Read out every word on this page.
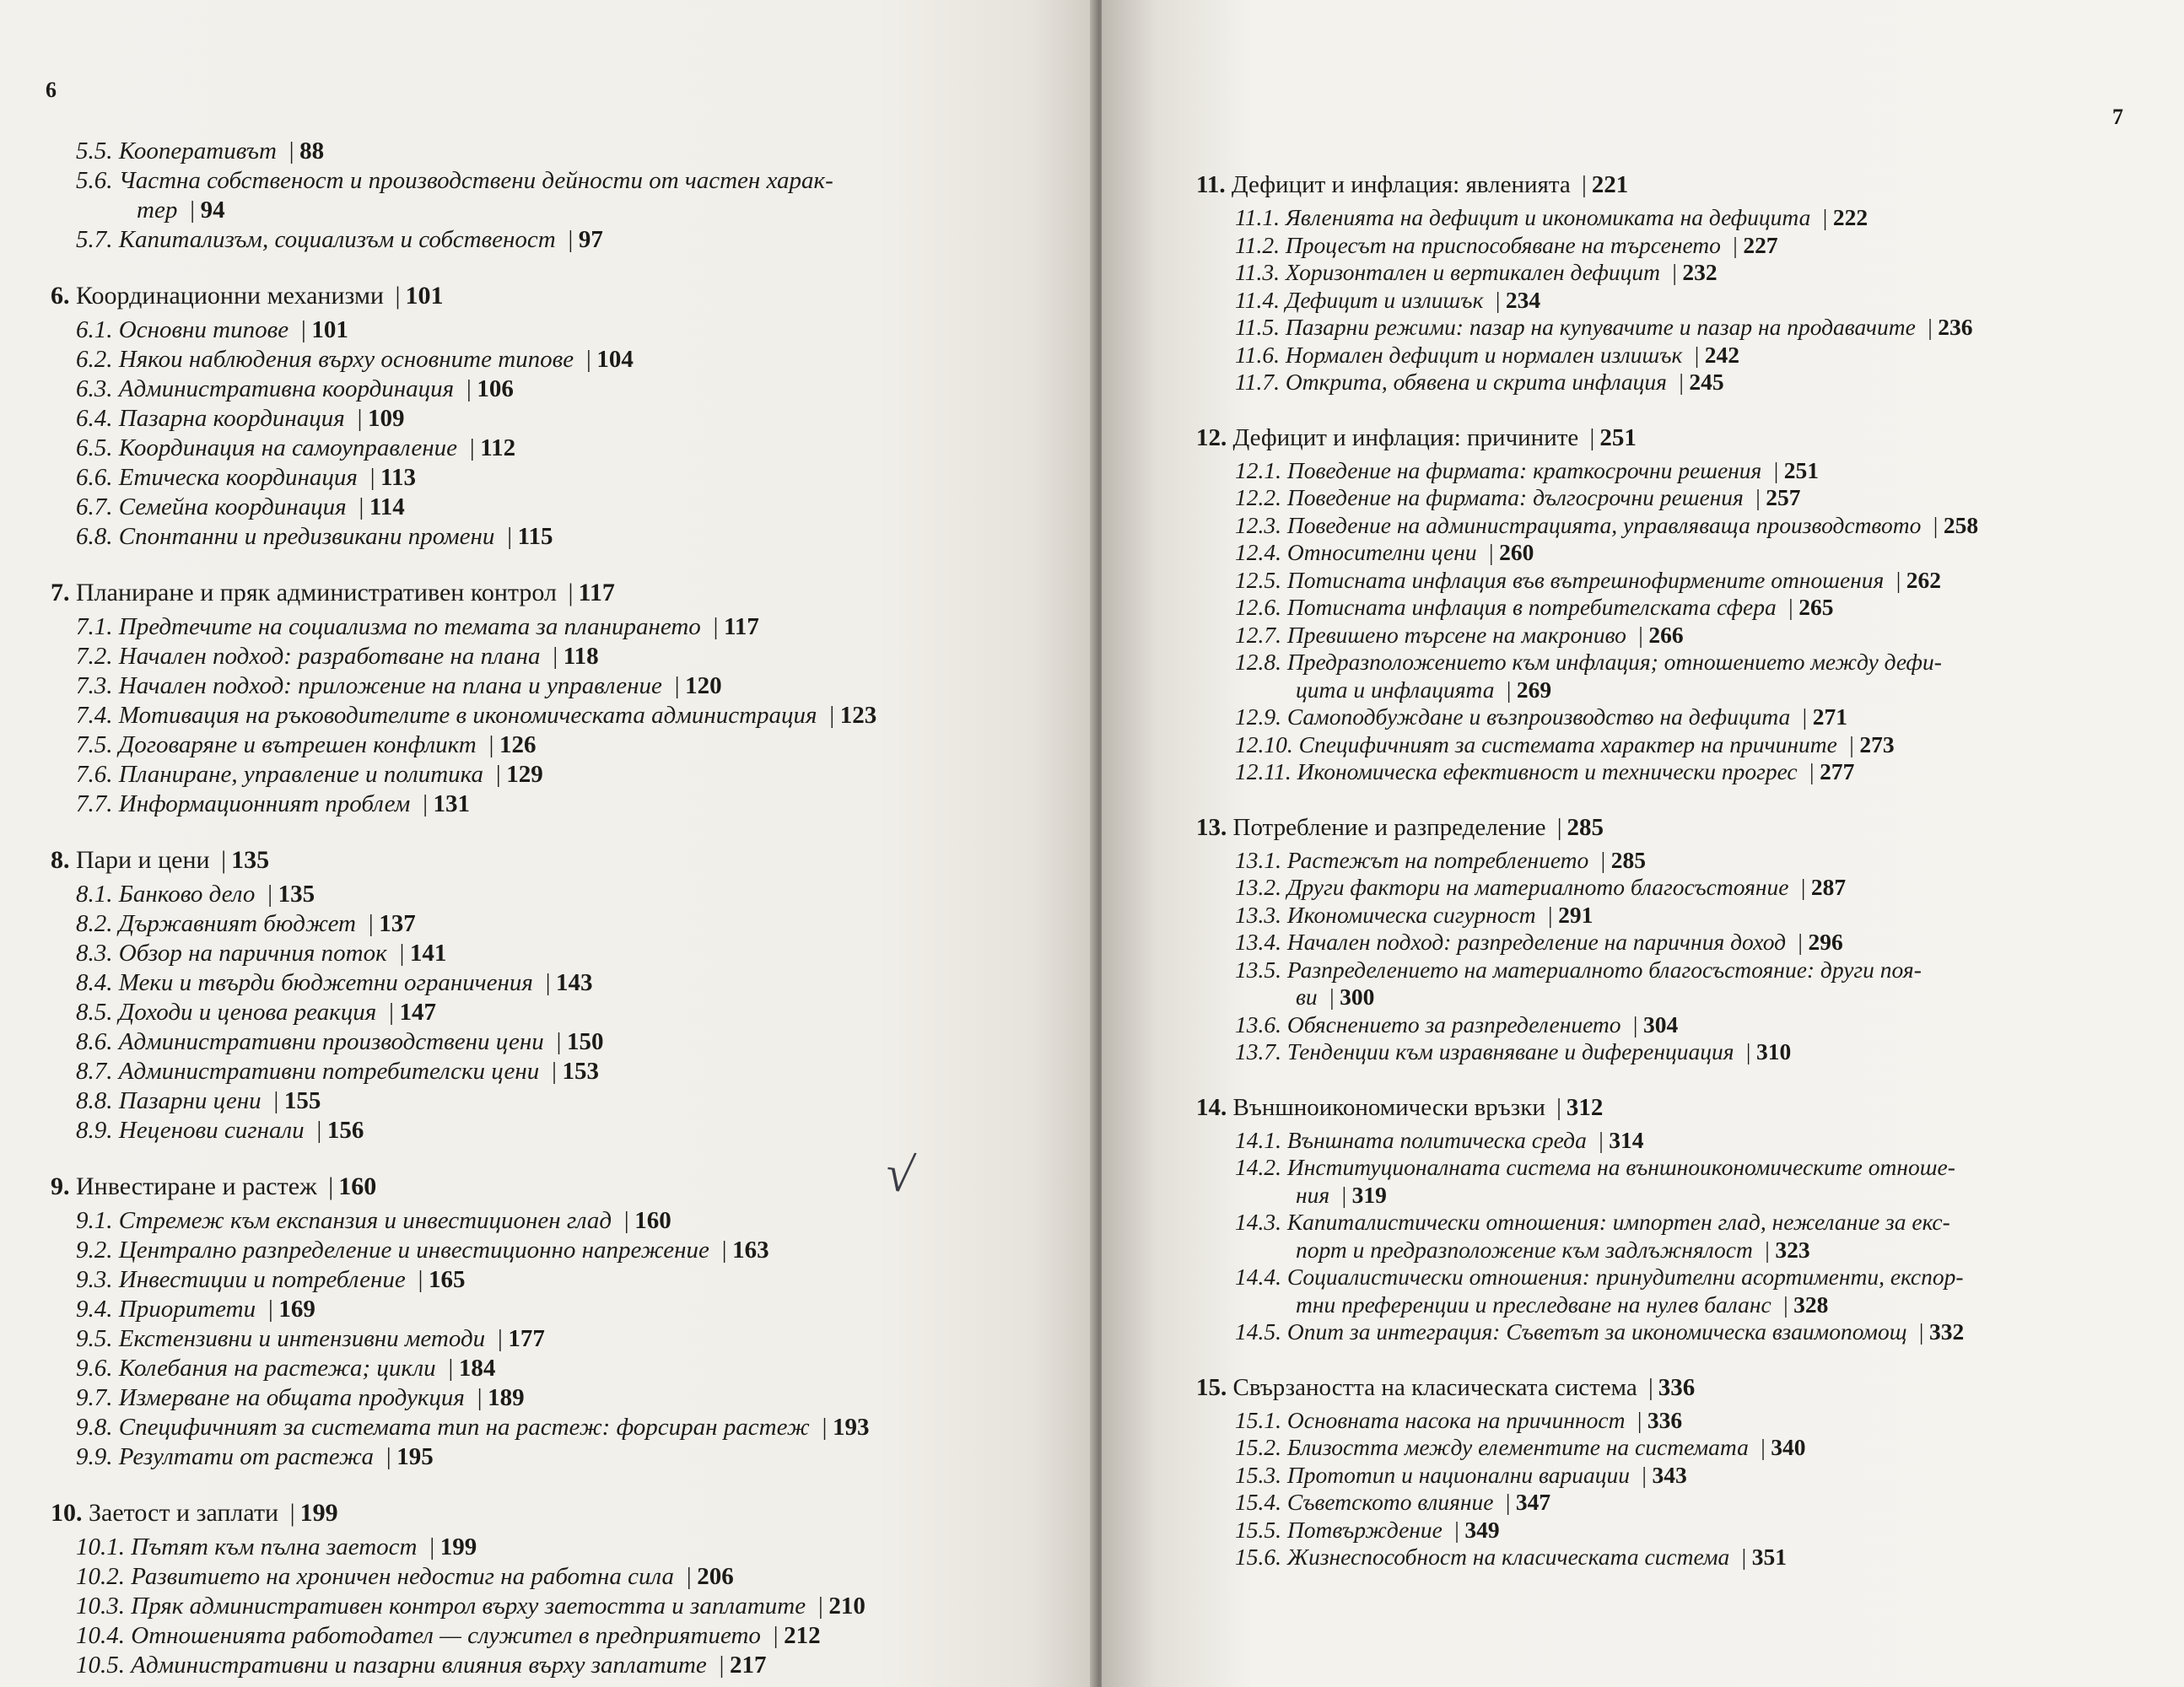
6
5.5. Кооперативът | 88
5.6. Частна собственост и производствени дейности от частен харак-
тер | 94
5.7. Капитализъм, социализъм и собственост | 97
6. Координационни механизми | 101
6.1. Основни типове | 101
6.2. Някои наблюдения върху основните типове | 104
6.3. Административна координация | 106
6.4. Пазарна координация | 109
6.5. Координация на самоуправление | 112
6.6. Етическа координация | 113
6.7. Семейна координация | 114
6.8. Спонтанни и предизвикани промени | 115
7. Планиране и пряк административен контрол | 117
7.1. Предтечите на социализма по темата за планирането | 117
7.2. Начален подход: разработване на плана | 118
7.3. Начален подход: приложение на плана и управление | 120
7.4. Мотивация на ръководителите в икономическата администрация | 123
7.5. Договаряне и вътрешен конфликт | 126
7.6. Планиране, управление и политика | 129
7.7. Информационният проблем | 131
8. Пари и цени | 135
8.1. Банково дело | 135
8.2. Държавният бюджет | 137
8.3. Обзор на паричния поток | 141
8.4. Меки и твърди бюджетни ограничения | 143
8.5. Доходи и ценова реакция | 147
8.6. Административни производствени цени | 150
8.7. Административни потребителски цени | 153
8.8. Пазарни цени | 155
8.9. Неценови сигнали | 156
9. Инвестиране и растеж | 160
9.1. Стремеж към експанзия и инвестиционен глад | 160
9.2. Централно разпределение и инвестиционно напрежение | 163
9.3. Инвестиции и потребление | 165
9.4. Приоритети | 169
9.5. Екстензивни и интензивни методи | 177
9.6. Колебания на растежа; цикли | 184
9.7. Измерване на общата продукция | 189
9.8. Специфичният за системата тип на растеж: форсиран растеж | 193
9.9. Резултати от растежа | 195
10. Заетост и заплати | 199
10.1. Пътят към пълна заетост | 199
10.2. Развитието на хроничен недостиг на работна сила | 206
10.3. Пряк административен контрол върху заетостта и заплатите | 210
10.4. Отношенията работодател — служител в предприятието | 212
10.5. Административни и пазарни влияния върху заплатите | 217
√
7
11. Дефицит и инфлация: явленията | 221
11.1. Явленията на дефицит и икономиката на дефицита | 222
11.2. Процесът на приспособяване на търсенето | 227
11.3. Хоризонтален и вертикален дефицит | 232
11.4. Дефицит и излишък | 234
11.5. Пазарни режими: пазар на купувачите и пазар на продавачите | 236
11.6. Нормален дефицит и нормален излишък | 242
11.7. Открита, обявена и скрита инфлация | 245
12. Дефицит и инфлация: причините | 251
12.1. Поведение на фирмата: краткосрочни решения | 251
12.2. Поведение на фирмата: дългосрочни решения | 257
12.3. Поведение на администрацията, управляваща производството | 258
12.4. Относителни цени | 260
12.5. Потисната инфлация във вътрешнофирмените отношения | 262
12.6. Потисната инфлация в потребителската сфера | 265
12.7. Превишено търсене на макрониво | 266
12.8. Предразположението към инфлация; отношението между дефи-
цита и инфлацията | 269
12.9. Самоподбуждане и възпроизводство на дефицита | 271
12.10. Специфичният за системата характер на причините | 273
12.11. Икономическа ефективност и технически прогрес | 277
13. Потребление и разпределение | 285
13.1. Растежът на потреблението | 285
13.2. Други фактори на материалното благосъстояние | 287
13.3. Икономическа сигурност | 291
13.4. Начален подход: разпределение на паричния доход | 296
13.5. Разпределението на материалното благосъстояние: други поя-
ви | 300
13.6. Обяснението за разпределението | 304
13.7. Тенденции към изравняване и диференциация | 310
14. Външноикономически връзки | 312
14.1. Външната политическа среда | 314
14.2. Институционалната система на външноикономическите отноше-
ния | 319
14.3. Капиталистически отношения: импортен глад, нежелание за екс-
порт и предразположение към задлъжнялост | 323
14.4. Социалистически отношения: принудителни асортименти, експор-
тни преференции и преследване на нулев баланс | 328
14.5. Опит за интеграция: Съветът за икономическа взаимопомощ | 332
15. Свързаността на класическата система | 336
15.1. Основната насока на причинност | 336
15.2. Близостта между елементите на системата | 340
15.3. Прототип и национални вариации | 343
15.4. Съветското влияние | 347
15.5. Потвърждение | 349
15.6. Жизнеспособност на класическата система | 351
